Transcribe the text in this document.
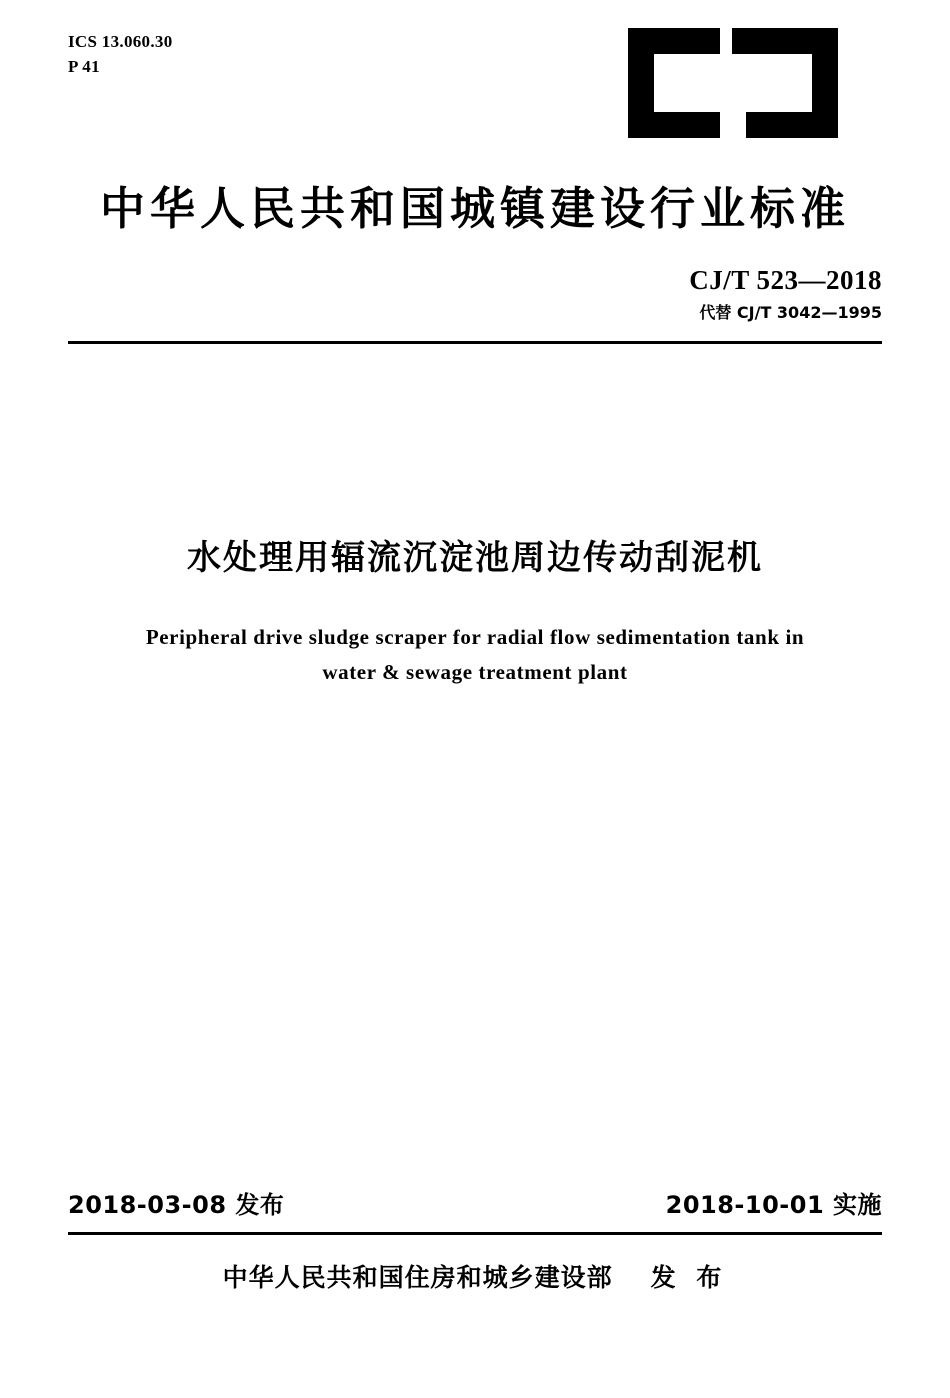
ICS 13.060.30
P 41
中华人民共和国城镇建设行业标准
CJ/T 523—2018
代替 CJ/T 3042—1995
水处理用辐流沉淀池周边传动刮泥机
Peripheral drive sludge scraper for radial flow sedimentation tank in
water & sewage treatment plant
2018-03-08 发布	2018-10-01 实施
中华人民共和国住房和城乡建设部 发 布
